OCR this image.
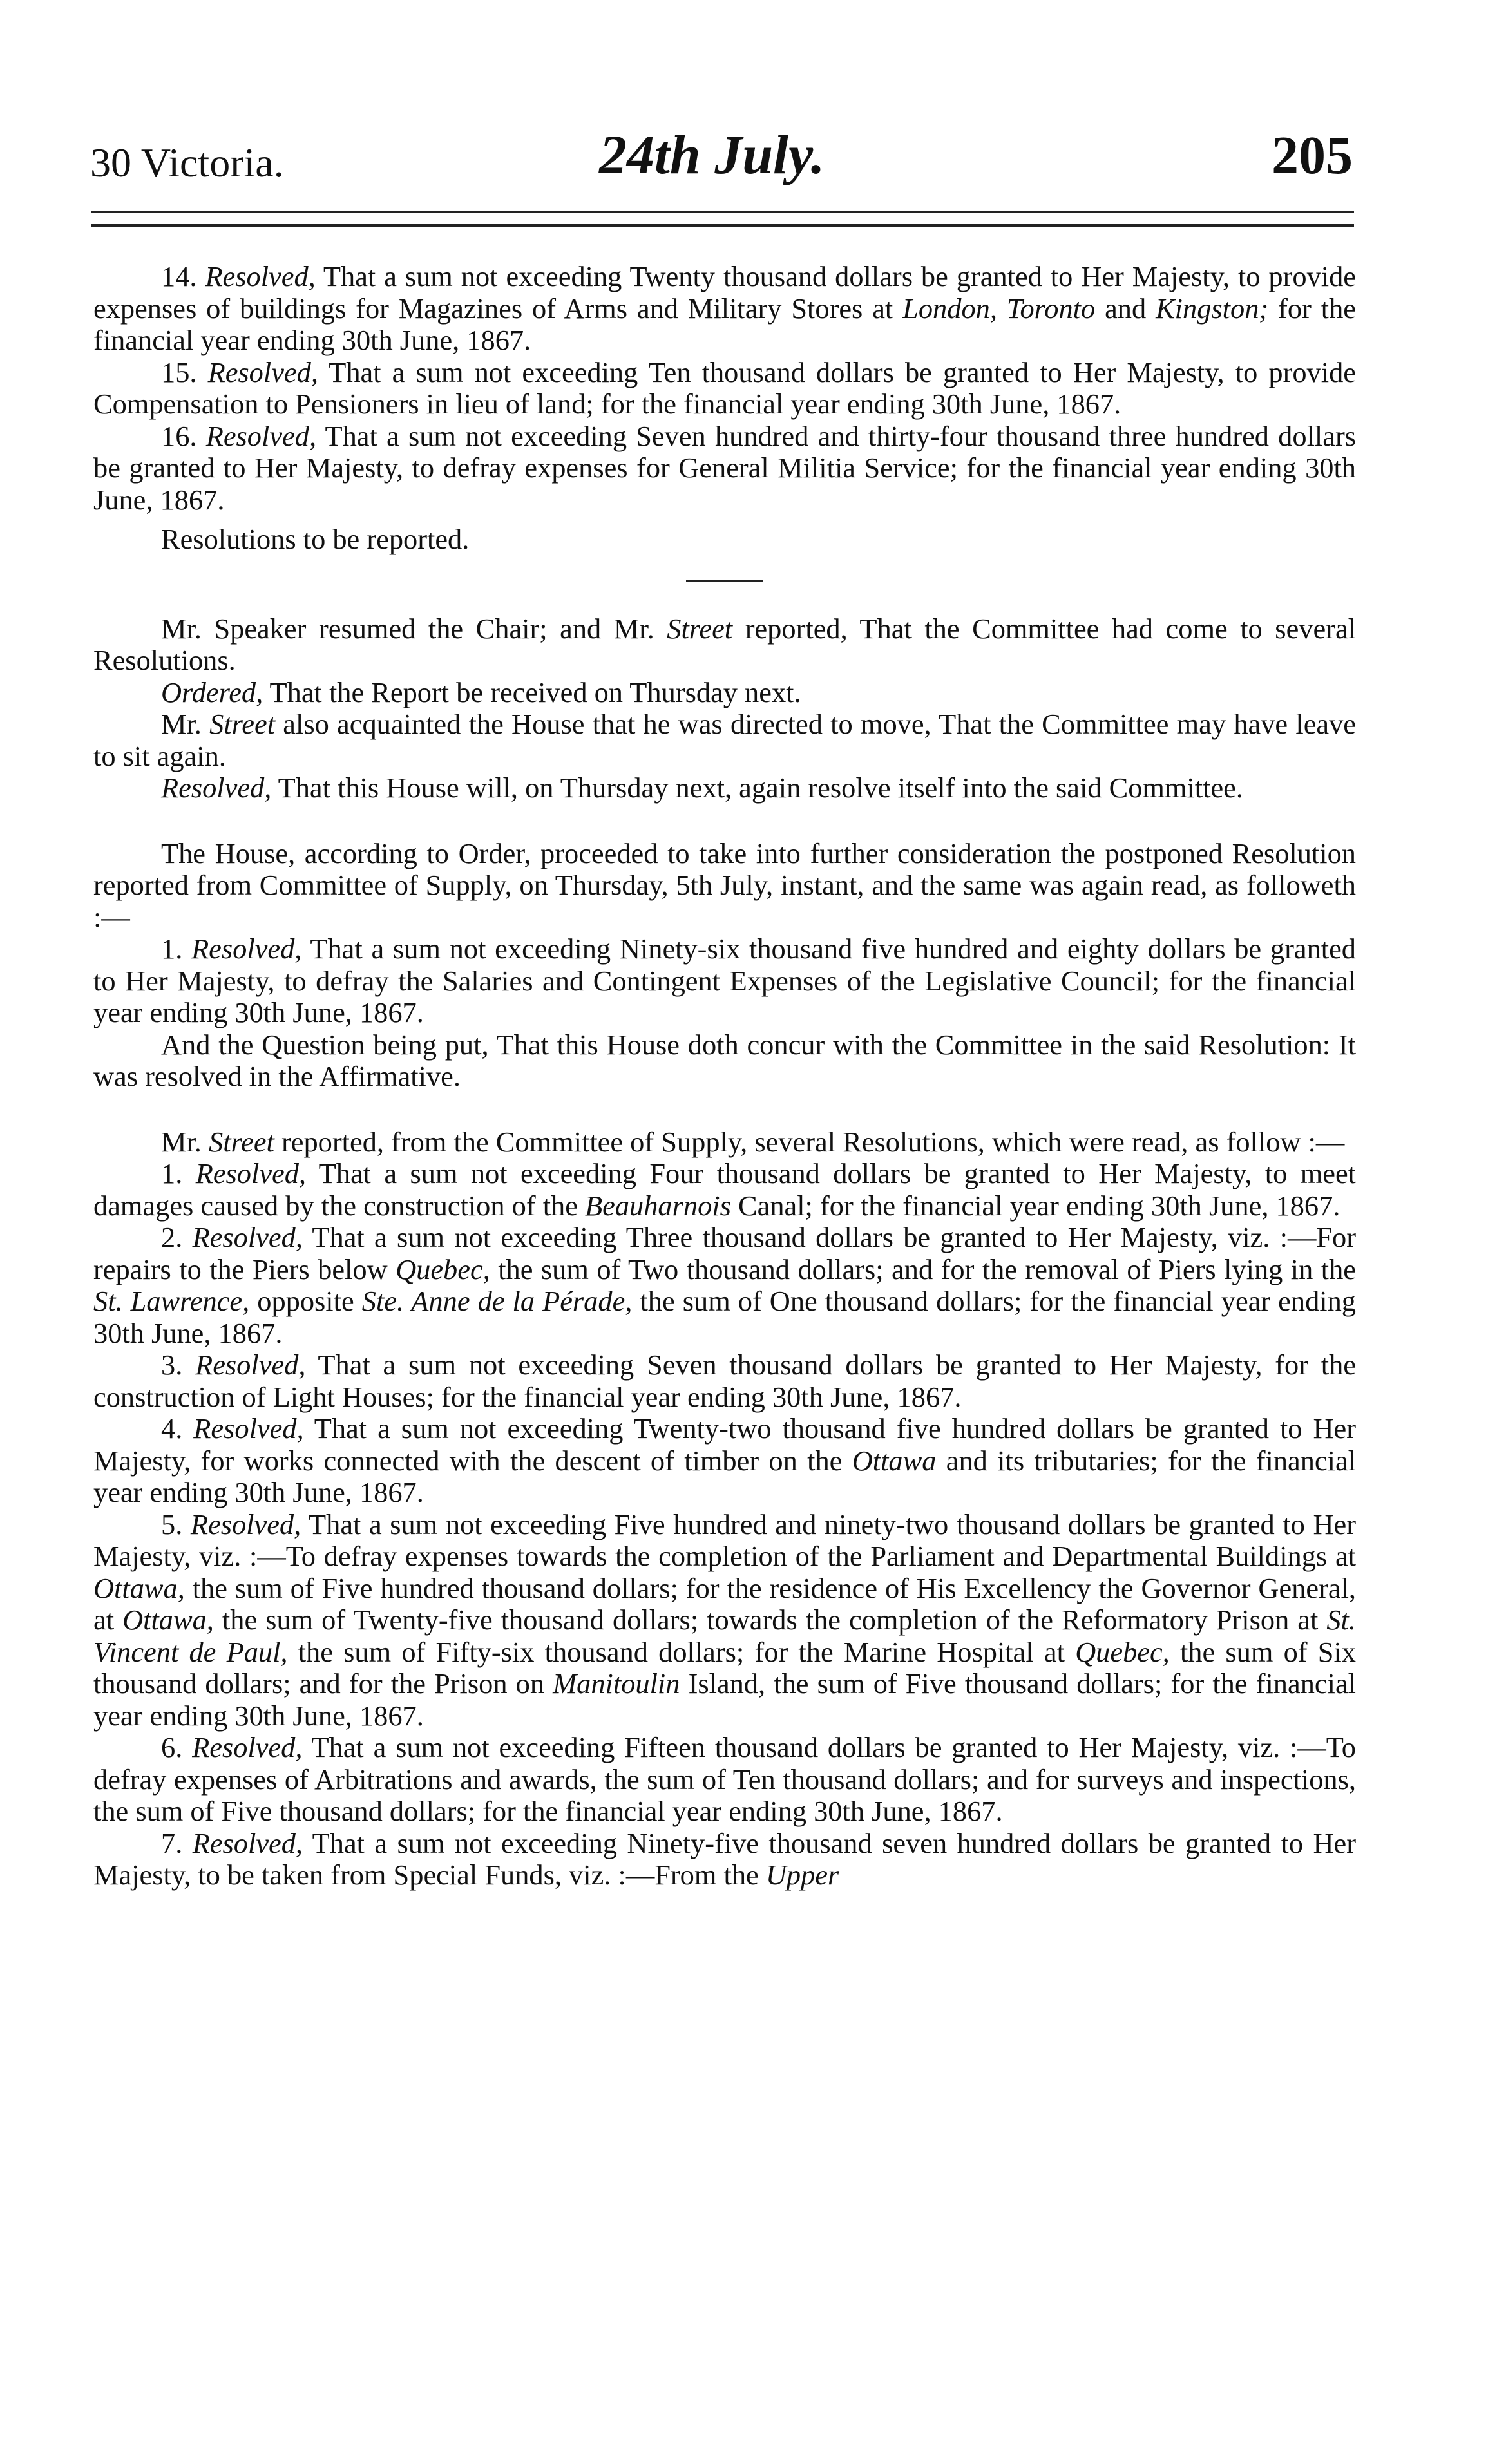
30 Victoria.	24th July.	205

14. Resolved, That a sum not exceeding Twenty thousand dollars be granted to Her Majesty, to provide expenses of buildings for Magazines of Arms and Military Stores at London, Toronto and Kingston; for the financial year ending 30th June, 1867.

15. Resolved, That a sum not exceeding Ten thousand dollars be granted to Her Majesty, to provide Compensation to Pensioners in lieu of land; for the financial year ending 30th June, 1867.

16. Resolved, That a sum not exceeding Seven hundred and thirty-four thousand three hundred dollars be granted to Her Majesty, to defray expenses for General Militia Service; for the financial year ending 30th June, 1867.

Resolutions to be reported.

Mr. Speaker resumed the Chair; and Mr. Street reported, That the Committee had come to several Resolutions.

Ordered, That the Report be received on Thursday next.

Mr. Street also acquainted the House that he was directed to move, That the Committee may have leave to sit again.

Resolved, That this House will, on Thursday next, again resolve itself into the said Committee.

The House, according to Order, proceeded to take into further consideration the postponed Resolution reported from Committee of Supply, on Thursday, 5th July, instant, and the same was again read, as followeth :—

1. Resolved, That a sum not exceeding Ninety-six thousand five hundred and eighty dollars be granted to Her Majesty, to defray the Salaries and Contingent Expenses of the Legislative Council; for the financial year ending 30th June, 1867.

And the Question being put, That this House doth concur with the Committee in the said Resolution: It was resolved in the Affirmative.

Mr. Street reported, from the Committee of Supply, several Resolutions, which were read, as follow :—

1. Resolved, That a sum not exceeding Four thousand dollars be granted to Her Majesty, to meet damages caused by the construction of the Beauharnois Canal; for the financial year ending 30th June, 1867.

2. Resolved, That a sum not exceeding Three thousand dollars be granted to Her Majesty, viz. :—For repairs to the Piers below Quebec, the sum of Two thousand dollars; and for the removal of Piers lying in the St. Lawrence, opposite Ste. Anne de la Pérade, the sum of One thousand dollars; for the financial year ending 30th June, 1867.

3. Resolved, That a sum not exceeding Seven thousand dollars be granted to Her Majesty, for the construction of Light Houses; for the financial year ending 30th June, 1867.

4. Resolved, That a sum not exceeding Twenty-two thousand five hundred dollars be granted to Her Majesty, for works connected with the descent of timber on the Ottawa and its tributaries; for the financial year ending 30th June, 1867.

5. Resolved, That a sum not exceeding Five hundred and ninety-two thousand dollars be granted to Her Majesty, viz. :—To defray expenses towards the completion of the Parliament and Departmental Buildings at Ottawa, the sum of Five hundred thousand dollars; for the residence of His Excellency the Governor General, at Ottawa, the sum of Twenty-five thousand dollars; towards the completion of the Reformatory Prison at St. Vincent de Paul, the sum of Fifty-six thousand dollars; for the Marine Hospital at Quebec, the sum of Six thousand dollars; and for the Prison on Manitoulin Island, the sum of Five thousand dollars; for the financial year ending 30th June, 1867.

6. Resolved, That a sum not exceeding Fifteen thousand dollars be granted to Her Majesty, viz. :—To defray expenses of Arbitrations and awards, the sum of Ten thousand dollars; and for surveys and inspections, the sum of Five thousand dollars; for the financial year ending 30th June, 1867.

7. Resolved, That a sum not exceeding Ninety-five thousand seven hundred dollars be granted to Her Majesty, to be taken from Special Funds, viz. :—From the Upper
